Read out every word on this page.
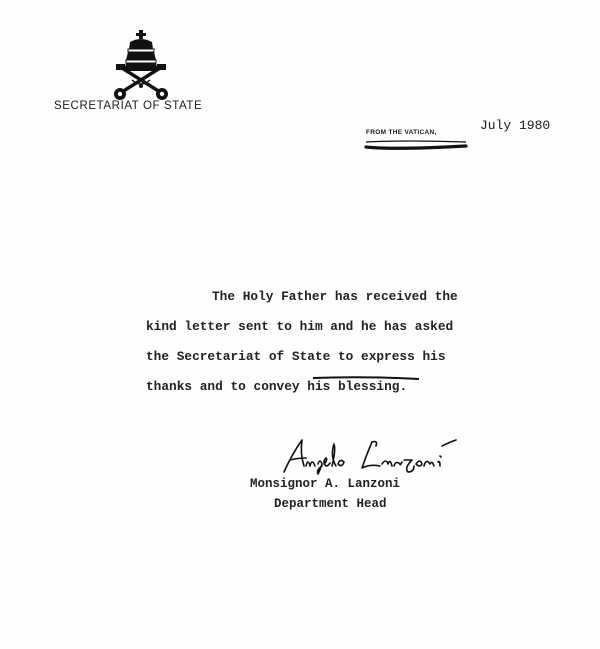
SECRETARIAT OF STATE
FROM THE VATICAN,	July 1980
The Holy Father has received the
kind letter sent to him and he has asked
the Secretariat of State to express his
thanks and to convey his blessing.
Monsignor A. Lanzoni
Department Head
